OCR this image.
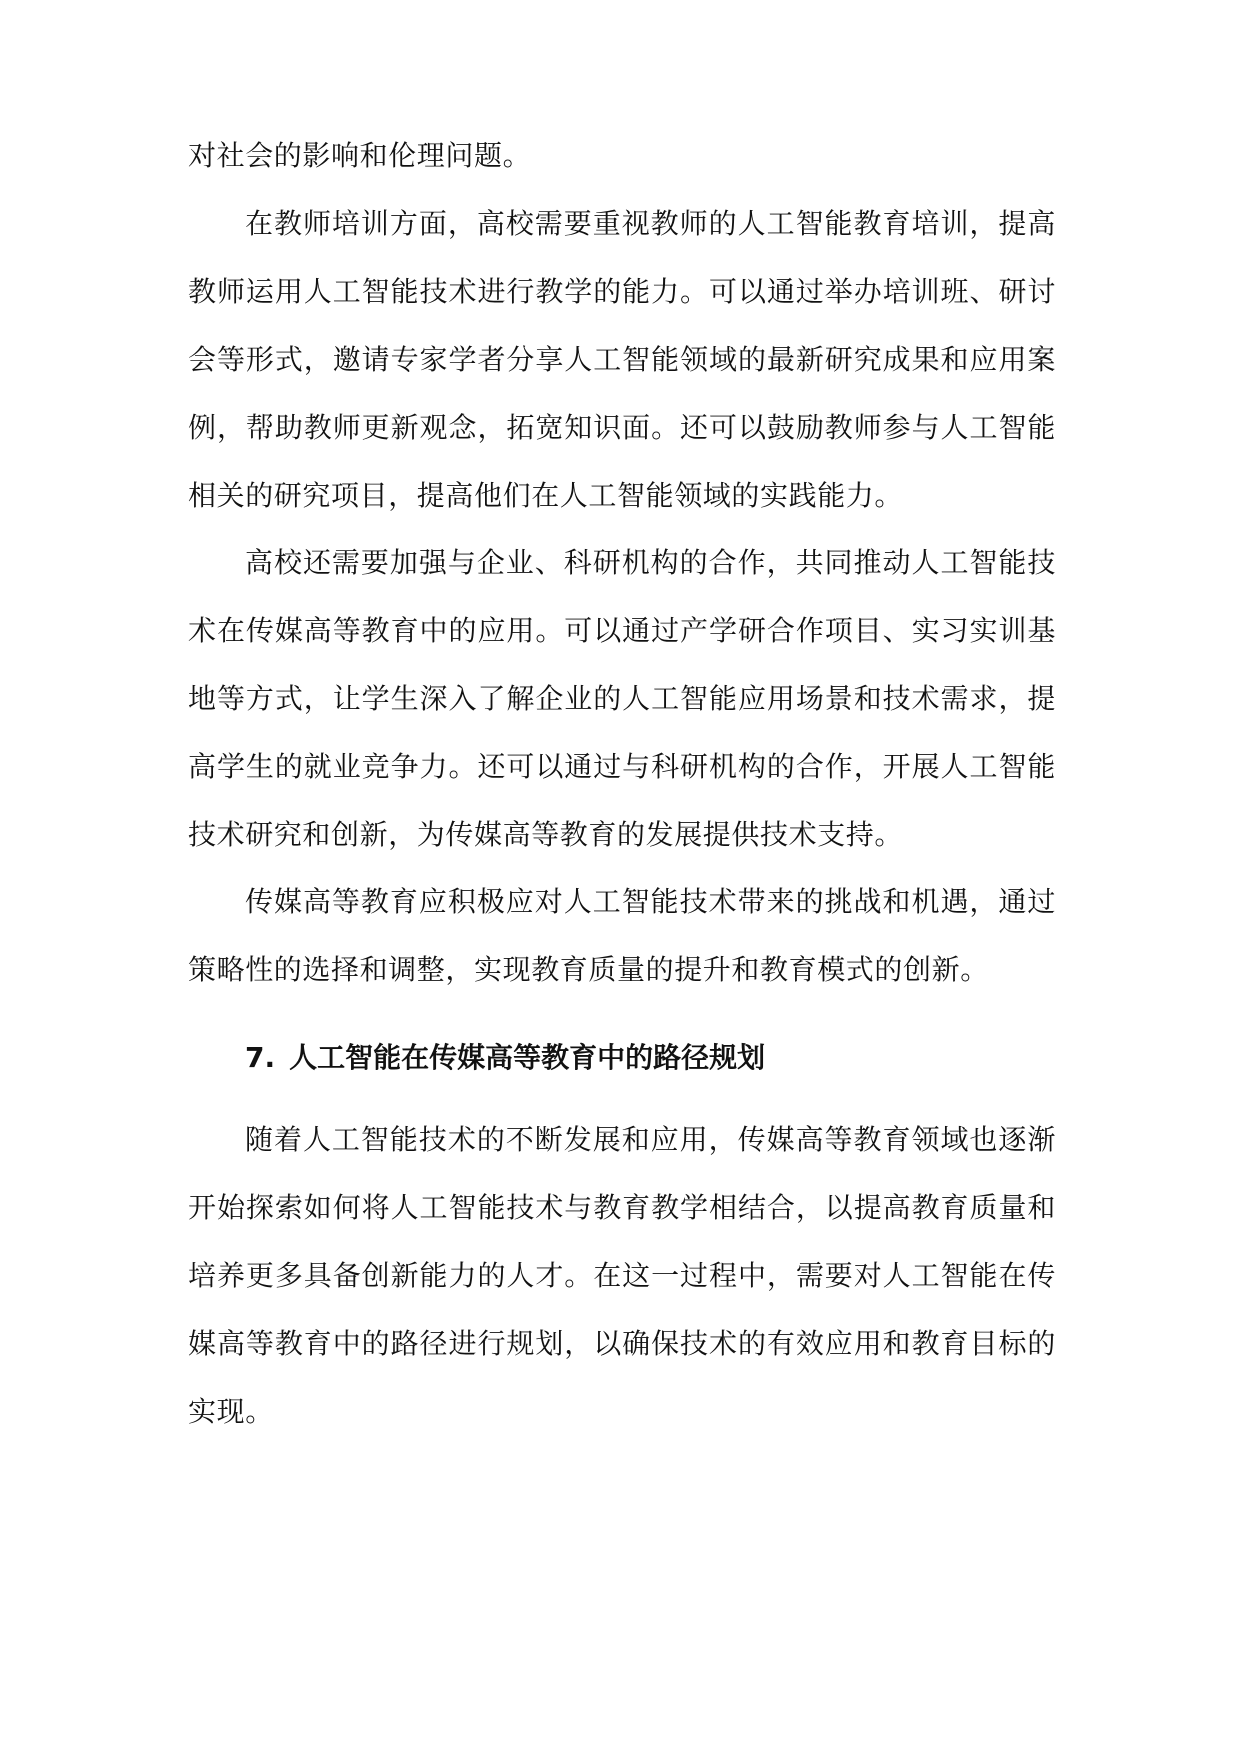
对社会的影响和伦理问题。

在教师培训方面，高校需要重视教师的人工智能教育培训，提高教师运用人工智能技术进行教学的能力。可以通过举办培训班、研讨会等形式，邀请专家学者分享人工智能领域的最新研究成果和应用案例，帮助教师更新观念，拓宽知识面。还可以鼓励教师参与人工智能相关的研究项目，提高他们在人工智能领域的实践能力。

高校还需要加强与企业、科研机构的合作，共同推动人工智能技术在传媒高等教育中的应用。可以通过产学研合作项目、实习实训基地等方式，让学生深入了解企业的人工智能应用场景和技术需求，提高学生的就业竞争力。还可以通过与科研机构的合作，开展人工智能技术研究和创新，为传媒高等教育的发展提供技术支持。

传媒高等教育应积极应对人工智能技术带来的挑战和机遇，通过策略性的选择和调整，实现教育质量的提升和教育模式的创新。

7. 人工智能在传媒高等教育中的路径规划

随着人工智能技术的不断发展和应用，传媒高等教育领域也逐渐开始探索如何将人工智能技术与教育教学相结合，以提高教育质量和培养更多具备创新能力的人才。在这一过程中，需要对人工智能在传媒高等教育中的路径进行规划，以确保技术的有效应用和教育目标的实现。
